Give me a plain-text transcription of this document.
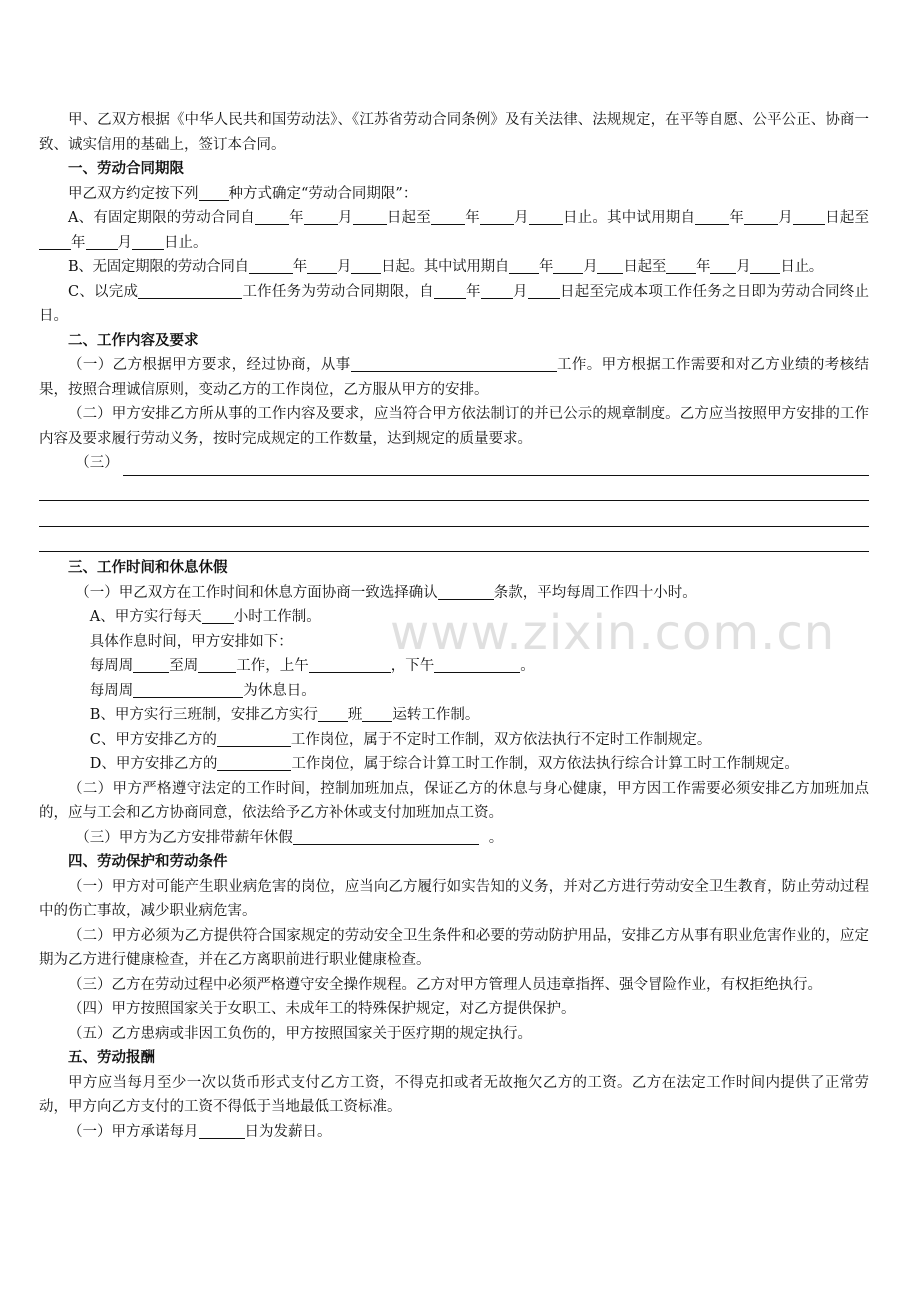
www.zixin.com.cn

甲、乙双方根据《中华人民共和国劳动法》、《江苏省劳动合同条例》及有关法律、法规规定，在平等自愿、公平公正、协商一致、诚实信用的基础上，签订本合同。

一、劳动合同期限

甲乙双方约定按下列 种方式确定“劳动合同期限”：

A、有固定期限的劳动合同自 年 月 日起至 年 月 日止。其中试用期自 年 月 日起至年 月 日止。

B、无固定期限的劳动合同自	年 月 日起。其中试用期自 年 月 日起至 年 月 日止。

C、以完成	工作任务为劳动合同期限，自 年 月 日起至完成本项工作任务之日即为劳动合同终止日。

二、工作内容及要求

（一）乙方根据甲方要求，经过协商，从事	工作。甲方根据工作需要和对乙方业绩的考核结果，按照合理诚信原则，变动乙方的工作岗位，乙方服从甲方的安排。

（二）甲方安排乙方所从事的工作内容及要求，应当符合甲方依法制订的并已公示的规章制度。乙方应当按照甲方安排的工作内容及要求履行劳动义务，按时完成规定的工作数量，达到规定的质量要求。

（三）

三、工作时间和休息休假

（一）甲乙双方在工作时间和休息方面协商一致选择确认	条款，平均每周工作四十小时。

A、甲方实行每天 小时工作制。

具体作息时间，甲方安排如下：

每周周 至周	工作，上午	，下午	。

每周周	为休息日。

B、甲方实行三班制，安排乙方实行 班 运转工作制。

C、甲方安排乙方的	工作岗位，属于不定时工作制，双方依法执行不定时工作制规定。

D、甲方安排乙方的	工作岗位，属于综合计算工时工作制，双方依法执行综合计算工时工作制规定。

（二）甲方严格遵守法定的工作时间，控制加班加点，保证乙方的休息与身心健康，甲方因工作需要必须安排乙方加班加点的，应与工会和乙方协商同意，依法给予乙方补休或支付加班加点工资。

（三）甲方为乙方安排带薪年休假	。

四、劳动保护和劳动条件

（一）甲方对可能产生职业病危害的岗位，应当向乙方履行如实告知的义务，并对乙方进行劳动安全卫生教育，防止劳动过程中的伤亡事故，减少职业病危害。

（二）甲方必须为乙方提供符合国家规定的劳动安全卫生条件和必要的劳动防护用品，安排乙方从事有职业危害作业的，应定期为乙方进行健康检查，并在乙方离职前进行职业健康检查。

（三）乙方在劳动过程中必须严格遵守安全操作规程。乙方对甲方管理人员违章指挥、强令冒险作业，有权拒绝执行。

（四）甲方按照国家关于女职工、未成年工的特殊保护规定，对乙方提供保护。

（五）乙方患病或非因工负伤的，甲方按照国家关于医疗期的规定执行。

五、劳动报酬

甲方应当每月至少一次以货币形式支付乙方工资，不得克扣或者无故拖欠乙方的工资。乙方在法定工作时间内提供了正常劳动，甲方向乙方支付的工资不得低于当地最低工资标准。

（一）甲方承诺每月	日为发薪日。
